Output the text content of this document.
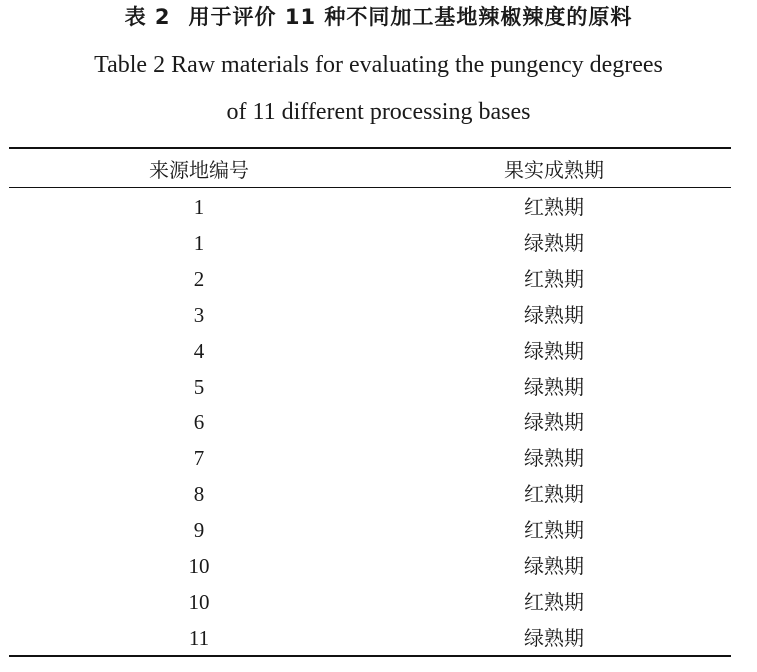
表 2 用于评价 11 种不同加工基地辣椒辣度的原料
Table 2 Raw materials for evaluating the pungency degrees
of 11 different processing bases
来源地编号	果实成熟期
1	红熟期
1	绿熟期
2	红熟期
3	绿熟期
4	绿熟期
5	绿熟期
6	绿熟期
7	绿熟期
8	红熟期
9	红熟期
10	绿熟期
10	红熟期
11	绿熟期
